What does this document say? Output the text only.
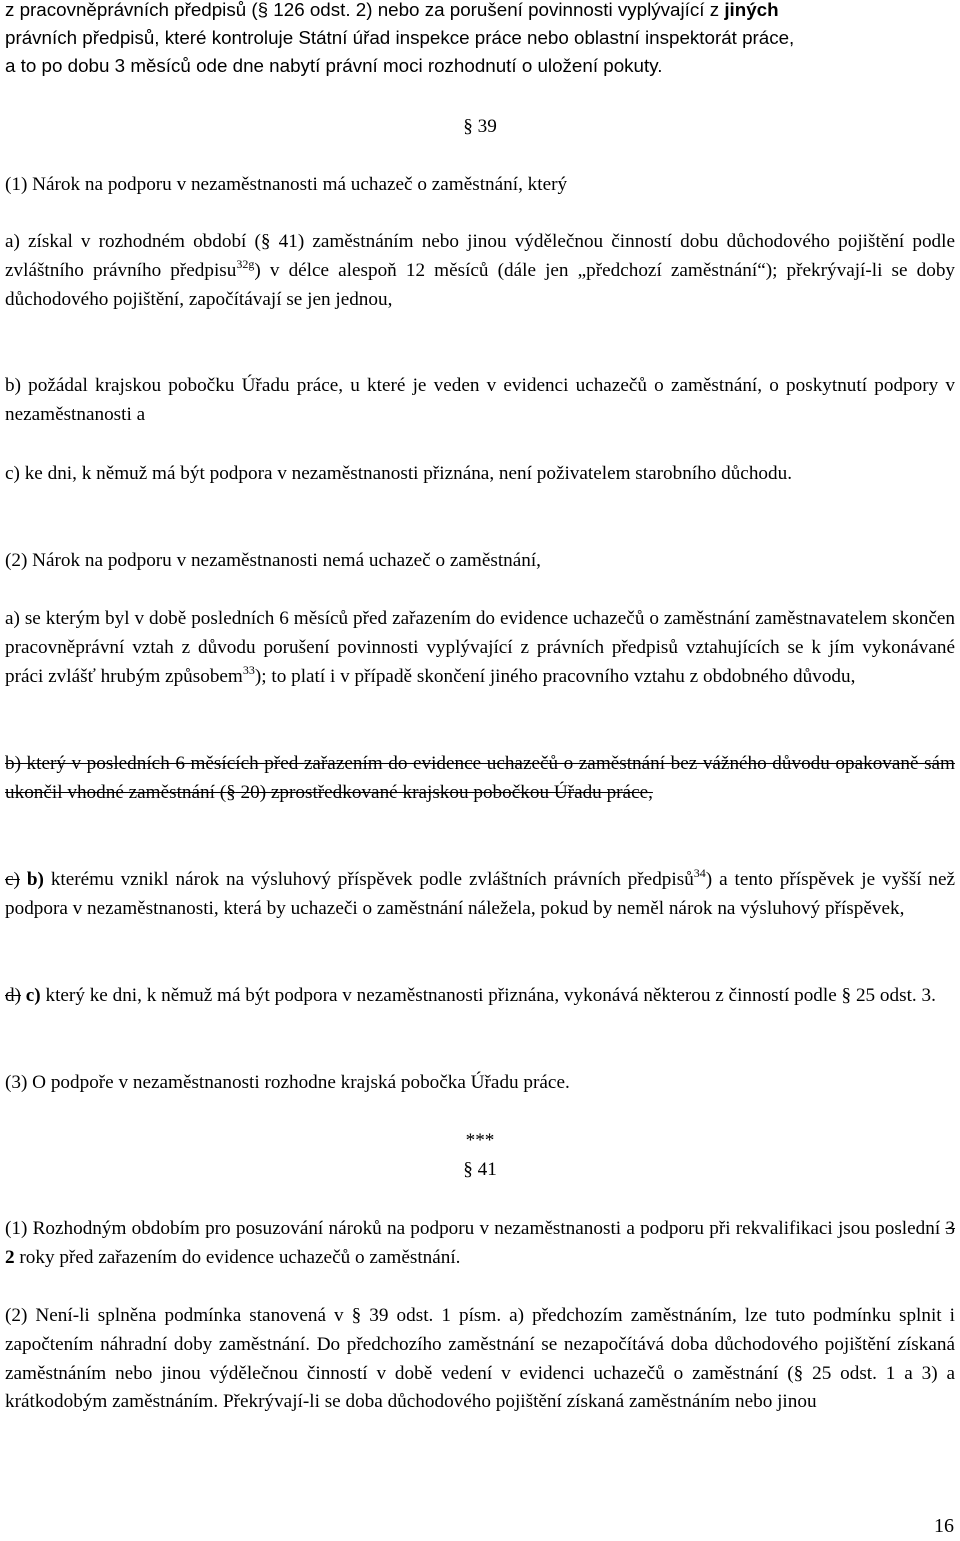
z pracovněprávních předpisů (§ 126 odst. 2) nebo za porušení povinnosti vyplývající z jiných

právních předpisů, které kontroluje Státní úřad inspekce práce nebo oblastní inspektorát práce,

a to po dobu 3 měsíců ode dne nabytí právní moci rozhodnutí o uložení pokuty.

§ 39

(1) Nárok na podporu v nezaměstnanosti má uchazeč o zaměstnání, který

a) získal v rozhodném období (§ 41) zaměstnáním nebo jinou výdělečnou činností dobu důchodového pojištění podle zvláštního právního předpisu$^{32g}$) v délce alespoň 12 měsíců (dále jen „předchozí zaměstnání“); překrývají-li se doby důchodového pojištění, započítávají se jen jednou,

b) požádal krajskou pobočku Úřadu práce, u které je veden v evidenci uchazečů o zaměstnání, o poskytnutí podpory v nezaměstnanosti a

c) ke dni, k němuž má být podpora v nezaměstnanosti přiznána, není poživatelem starobního důchodu.

(2) Nárok na podporu v nezaměstnanosti nemá uchazeč o zaměstnání,

a) se kterým byl v době posledních 6 měsíců před zařazením do evidence uchazečů o zaměstnání zaměstnavatelem skončen pracovněprávní vztah z důvodu porušení povinnosti vyplývající z právních předpisů vztahujících se k jím vykonávané práci zvlášť hrubým způsobem$^{33}$); to platí i v případě skončení jiného pracovního vztahu z obdobného důvodu,

b) který v posledních 6 měsících před zařazením do evidence uchazečů o zaměstnání bez vážného důvodu opakovaně sám ukončil vhodné zaměstnání (§ 20) zprostředkované krajskou pobočkou Úřadu práce,

c) b) kterému vznikl nárok na výsluhový příspěvek podle zvláštních právních předpisů$^{34}$) a tento příspěvek je vyšší než podpora v nezaměstnanosti, která by uchazeči o zaměstnání náležela, pokud by neměl nárok na výsluhový příspěvek,

d) c) který ke dni, k němuž má být podpora v nezaměstnanosti přiznána, vykonává některou z činností podle § 25 odst. 3.

(3) O podpoře v nezaměstnanosti rozhodne krajská pobočka Úřadu práce.

***
§ 41

(1) Rozhodným obdobím pro posuzování nároků na podporu v nezaměstnanosti a podporu při rekvalifikaci jsou poslední 3 2 roky před zařazením do evidence uchazečů o zaměstnání.

(2) Není-li splněna podmínka stanovená v § 39 odst. 1 písm. a) předchozím zaměstnáním, lze tuto podmínku splnit i započtením náhradní doby zaměstnání. Do předchozího zaměstnání se nezapočítává doba důchodového pojištění získaná zaměstnáním nebo jinou výdělečnou činností v době vedení v evidenci uchazečů o zaměstnání (§ 25 odst. 1 a 3) a krátkodobým zaměstnáním. Překrývají-li se doba důchodového pojištění získaná zaměstnáním nebo jinou

16
